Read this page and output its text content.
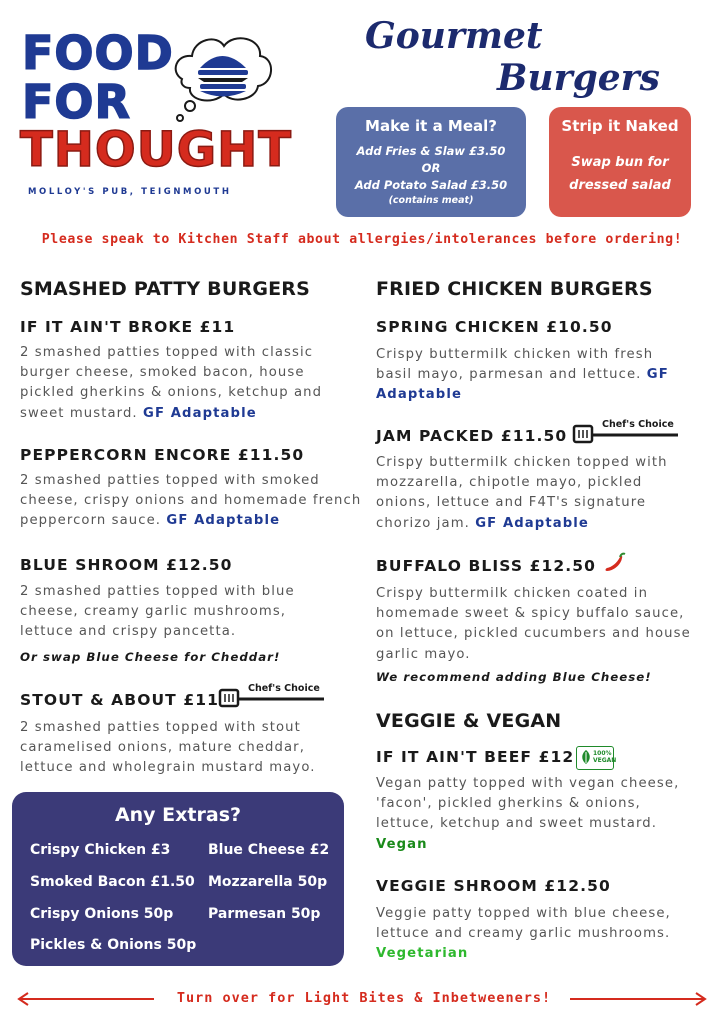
FOOD
FOR
THOUGHT
MOLLOY'S PUB, TEIGNMOUTH
Gourmet
Burgers
Make it a Meal?
Add Fries & Slaw £3.50
OR
Add Potato Salad £3.50
(contains meat)
Strip it Naked
Swap bun for
dressed salad
Please speak to Kitchen Staff about allergies/intolerances before ordering!
SMASHED PATTY BURGERS
IF IT AIN'T BROKE £11
2 smashed patties topped with classic burger cheese, smoked bacon, house pickled gherkins & onions, ketchup and sweet mustard. GF Adaptable
PEPPERCORN ENCORE £11.50
2 smashed patties topped with smoked cheese, crispy onions and homemade french peppercorn sauce. GF Adaptable
BLUE SHROOM £12.50
2 smashed patties topped with blue cheese, creamy garlic mushrooms, lettuce and crispy pancetta.
Or swap Blue Cheese for Cheddar!
STOUT & ABOUT £11
Chef's Choice
2 smashed patties topped with stout caramelised onions, mature cheddar, lettuce and wholegrain mustard mayo.
Any Extras?
Crispy Chicken £3	Blue Cheese £2
Smoked Bacon £1.50 Mozzarella 50p
Crispy Onions 50p Parmesan 50p
Pickles & Onions 50p
FRIED CHICKEN BURGERS
SPRING CHICKEN £10.50
Crispy buttermilk chicken with fresh basil mayo, parmesan and lettuce. GF Adaptable
JAM PACKED £11.50
Chef's Choice
Crispy buttermilk chicken topped with mozzarella, chipotle mayo, pickled onions, lettuce and F4T's signature chorizo jam. GF Adaptable
BUFFALO BLISS £12.50
Crispy buttermilk chicken coated in homemade sweet & spicy buffalo sauce, on lettuce, pickled cucumbers and house garlic mayo.
We recommend adding Blue Cheese!
VEGGIE & VEGAN
IF IT AIN'T BEEF £12	100% VEGAN
Vegan patty topped with vegan cheese, 'facon', pickled gherkins & onions, lettuce, ketchup and sweet mustard. Vegan
VEGGIE SHROOM £12.50
Veggie patty topped with blue cheese, lettuce and creamy garlic mushrooms.
Vegetarian
Turn over for Light Bites & Inbetweeners!
